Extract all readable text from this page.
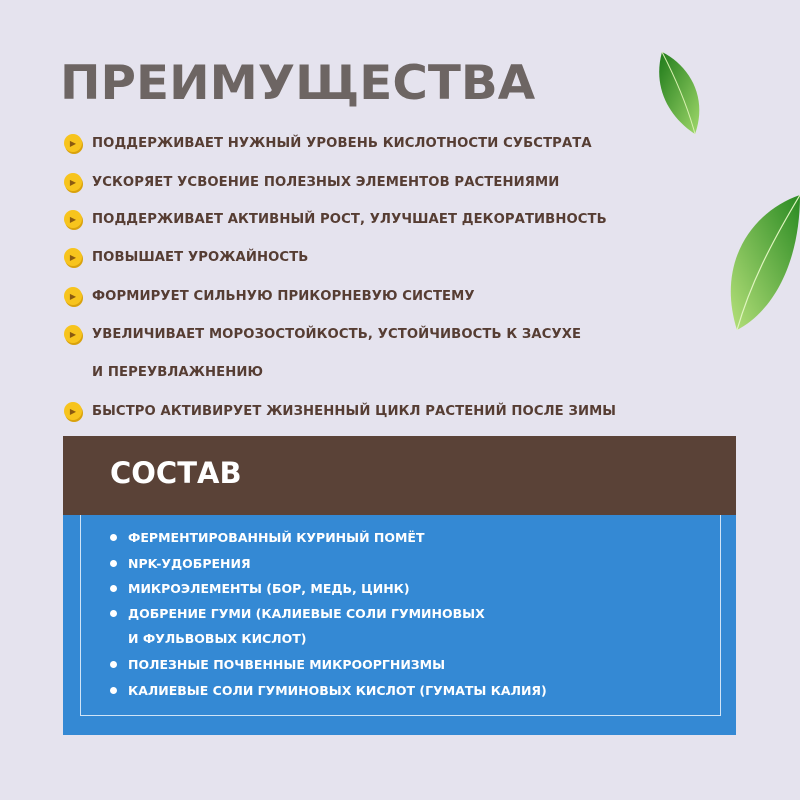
ПРЕИМУЩЕСТВА
▶	ПОДДЕРЖИВАЕТ НУЖНЫЙ УРОВЕНЬ КИСЛОТНОСТИ СУБСТРАТА
▶	УСКОРЯЕТ УСВОЕНИЕ ПОЛЕЗНЫХ ЭЛЕМЕНТОВ РАСТЕНИЯМИ
▶	ПОДДЕРЖИВАЕТ АКТИВНЫЙ РОСТ, УЛУЧШАЕТ ДЕКОРАТИВНОСТЬ
▶	ПОВЫШАЕТ УРОЖАЙНОСТЬ
▶	ФОРМИРУЕТ СИЛЬНУЮ ПРИКОРНЕВУЮ СИСТЕМУ
▶	УВЕЛИЧИВАЕТ МОРОЗОСТОЙКОСТЬ, УСТОЙЧИВОСТЬ К ЗАСУХЕ
И ПЕРЕУВЛАЖНЕНИЮ
▶	БЫСТРО АКТИВИРУЕТ ЖИЗНЕННЫЙ ЦИКЛ РАСТЕНИЙ ПОСЛЕ ЗИМЫ
СОСТАВ
ФЕРМЕНТИРОВАННЫЙ КУРИНЫЙ ПОМЁТ
NPK-УДОБРЕНИЯ
МИКРОЭЛЕМЕНТЫ (БОР, МЕДЬ, ЦИНК)
ДОБРЕНИЕ ГУМИ (КАЛИЕВЫЕ СОЛИ ГУМИНОВЫХ
И ФУЛЬВОВЫХ КИСЛОТ)
ПОЛЕЗНЫЕ ПОЧВЕННЫЕ МИКРООРГНИЗМЫ
КАЛИЕВЫЕ СОЛИ ГУМИНОВЫХ КИСЛОТ (ГУМАТЫ КАЛИЯ)
